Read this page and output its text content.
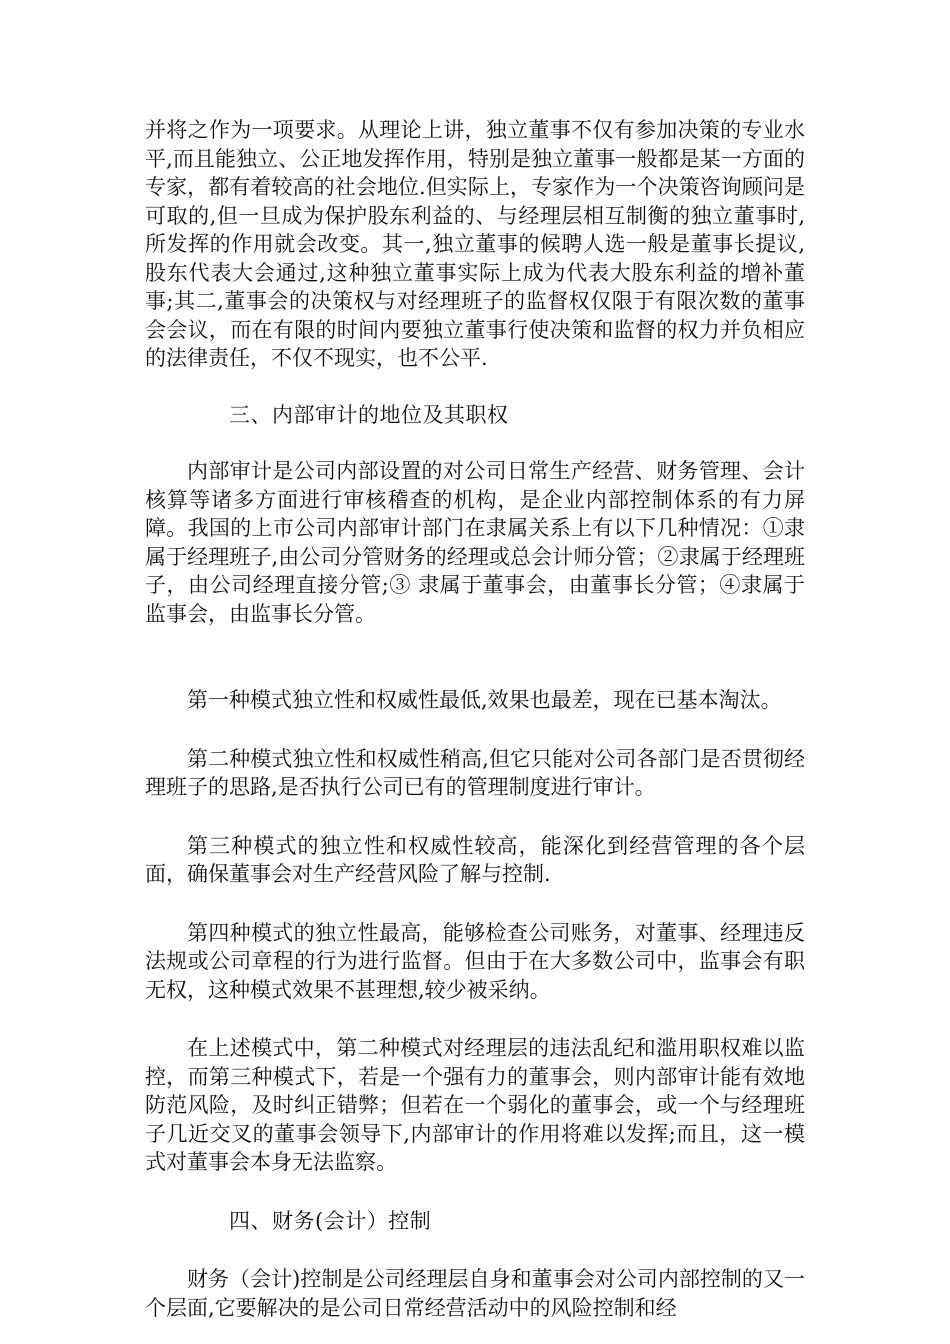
并将之作为一项要求。从理论上讲，独立董事不仅有参加决策的专业水平,而且能独立、公正地发挥作用，特别是独立董事一般都是某一方面的专家，都有着较高的社会地位.但实际上，专家作为一个决策咨询顾问是可取的,但一旦成为保护股东利益的、与经理层相互制衡的独立董事时,所发挥的作用就会改变。其一,独立董事的候聘人选一般是董事长提议,股东代表大会通过,这种独立董事实际上成为代表大股东利益的增补董事;其二,董事会的决策权与对经理班子的监督权仅限于有限次数的董事会会议，而在有限的时间内要独立董事行使决策和监督的权力并负相应的法律责任，不仅不现实，也不公平.

三、内部审计的地位及其职权

内部审计是公司内部设置的对公司日常生产经营、财务管理、会计核算等诸多方面进行审核稽查的机构，是企业内部控制体系的有力屏障。我国的上市公司内部审计部门在隶属关系上有以下几种情况：①隶属于经理班子,由公司分管财务的经理或总会计师分管；②隶属于经理班子，由公司经理直接分管;③ 隶属于董事会，由董事长分管；④隶属于监事会，由监事长分管。

第一种模式独立性和权威性最低,效果也最差，现在已基本淘汰。

第二种模式独立性和权威性稍高,但它只能对公司各部门是否贯彻经理班子的思路,是否执行公司已有的管理制度进行审计。

第三种模式的独立性和权威性较高，能深化到经营管理的各个层面，确保董事会对生产经营风险了解与控制.

第四种模式的独立性最高，能够检查公司账务，对董事、经理违反法规或公司章程的行为进行监督。但由于在大多数公司中，监事会有职无权，这种模式效果不甚理想,较少被采纳。

在上述模式中，第二种模式对经理层的违法乱纪和滥用职权难以监控，而第三种模式下，若是一个强有力的董事会，则内部审计能有效地防范风险，及时纠正错弊；但若在一个弱化的董事会，或一个与经理班子几近交叉的董事会领导下,内部审计的作用将难以发挥;而且，这一模式对董事会本身无法监察。

四、财务(会计）控制

财务（会计)控制是公司经理层自身和董事会对公司内部控制的又一个层面,它要解决的是公司日常经营活动中的风险控制和经
